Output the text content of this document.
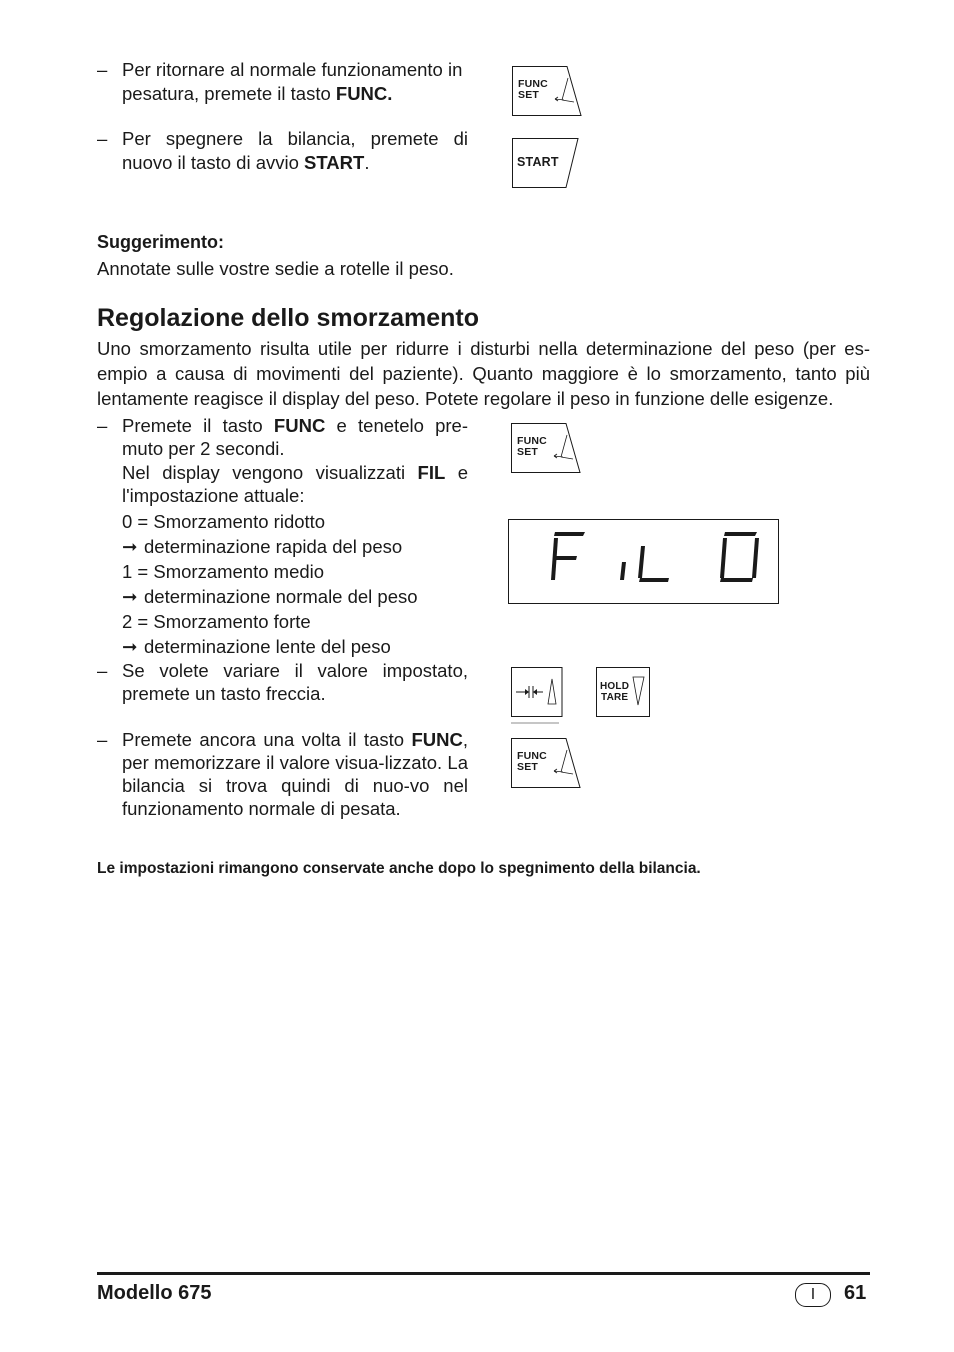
– Per ritornare al normale funzionamento in pesatura, premete il tasto FUNC.	FUNC
SET
– Per spegnere la bilancia, premete di nuovo il tasto di avvio START.	START
Suggerimento:
Annotate sulle vostre sedie a rotelle il peso.
Regolazione dello smorzamento
Uno smorzamento risulta utile per ridurre i disturbi nella determinazione del peso (per es-empio a causa di movimenti del paziente). Quanto maggiore è lo smorzamento, tanto più lentamente reagisce il display del peso. Potete regolare il peso in funzione delle esigenze.
– Premete il tasto FUNC e tenetelo pre-muto per 2 secondi.
Nel display vengono visualizzati FIL e l'impostazione attuale:
0 = Smorzamento ridotto
➞ determinazione rapida del peso
1 = Smorzamento medio
➞ determinazione normale del peso
2 = Smorzamento forte
➞ determinazione lente del peso
FUNC
SET
– Se volete variare il valore impostato, premete un tasto freccia.	HOLD
TARE
– Premete ancora una volta il tasto FUNC, per memorizzare il valore visua-lizzato. La bilancia si trova quindi di nuo-vo nel funzionamento normale di pesata.
FUNC
SET
Le impostazioni rimangono conservate anche dopo lo spegnimento della bilancia.
Modello 675	I	61
